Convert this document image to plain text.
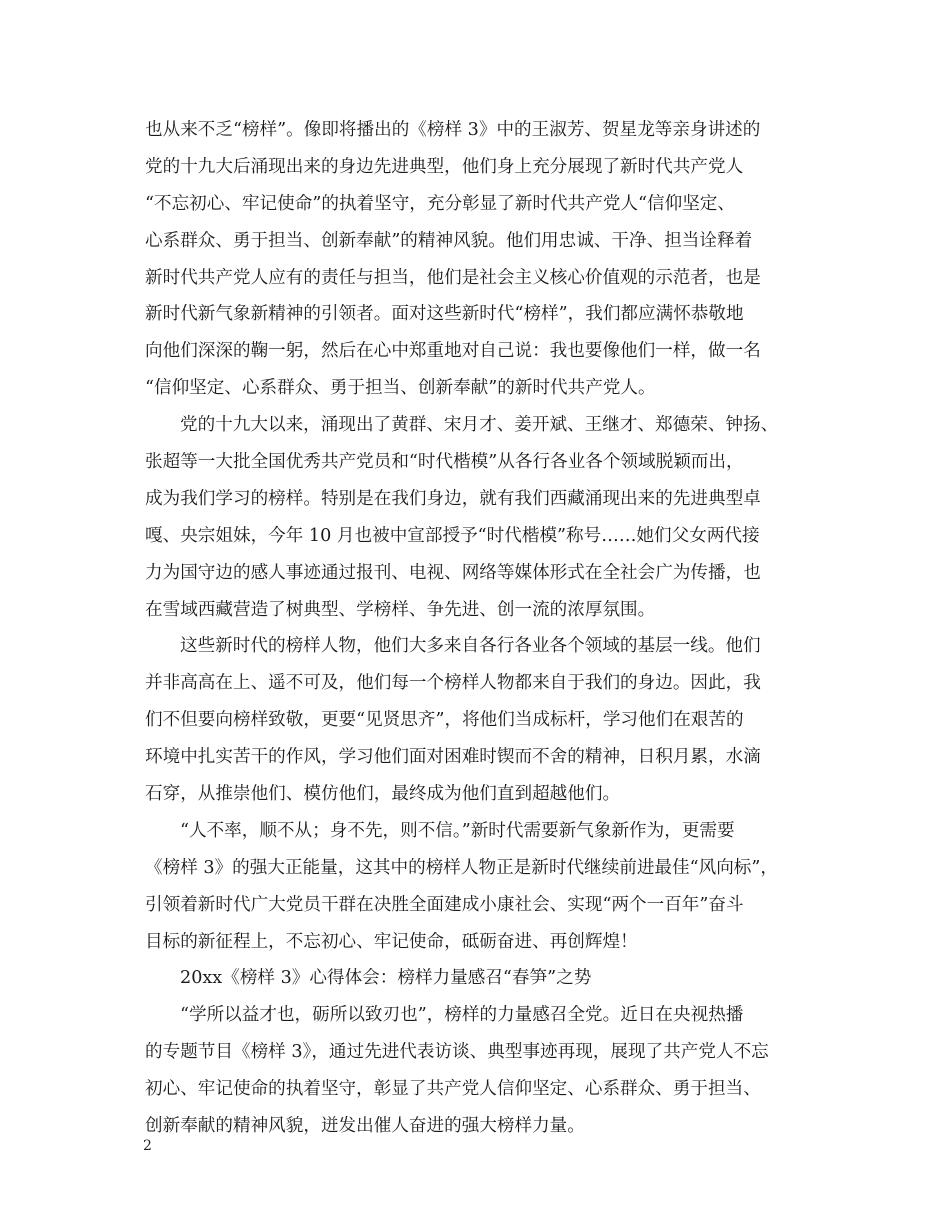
也从来不乏“榜样”。像即将播出的《榜样 3》中的王淑芳、贺星龙等亲身讲述的
党的十九大后涌现出来的身边先进典型，他们身上充分展现了新时代共产党人
“不忘初心、牢记使命”的执着坚守，充分彰显了新时代共产党人“信仰坚定、
心系群众、勇于担当、创新奉献”的精神风貌。他们用忠诚、干净、担当诠释着
新时代共产党人应有的责任与担当，他们是社会主义核心价值观的示范者，也是
新时代新气象新精神的引领者。面对这些新时代“榜样”，我们都应满怀恭敬地
向他们深深的鞠一躬，然后在心中郑重地对自己说：我也要像他们一样，做一名
“信仰坚定、心系群众、勇于担当、创新奉献”的新时代共产党人。
党的十九大以来，涌现出了黄群、宋月才、姜开斌、王继才、郑德荣、钟扬、
张超等一大批全国优秀共产党员和“时代楷模”从各行各业各个领域脱颖而出，
成为我们学习的榜样。特别是在我们身边，就有我们西藏涌现出来的先进典型卓
嘎、央宗姐妹，今年 10 月也被中宣部授予“时代楷模”称号……她们父女两代接
力为国守边的感人事迹通过报刊、电视、网络等媒体形式在全社会广为传播，也
在雪域西藏营造了树典型、学榜样、争先进、创一流的浓厚氛围。
这些新时代的榜样人物，他们大多来自各行各业各个领域的基层一线。他们
并非高高在上、遥不可及，他们每一个榜样人物都来自于我们的身边。因此，我
们不但要向榜样致敬，更要“见贤思齐”，将他们当成标杆，学习他们在艰苦的
环境中扎实苦干的作风，学习他们面对困难时锲而不舍的精神，日积月累，水滴
石穿，从推崇他们、模仿他们，最终成为他们直到超越他们。
“人不率，顺不从；身不先，则不信。”新时代需要新气象新作为，更需要
《榜样 3》的强大正能量，这其中的榜样人物正是新时代继续前进最佳“风向标”，
引领着新时代广大党员干群在决胜全面建成小康社会、实现“两个一百年”奋斗
目标的新征程上，不忘初心、牢记使命，砥砺奋进、再创辉煌！
20xx《榜样 3》心得体会：榜样力量感召“春笋”之势
“学所以益才也，砺所以致刃也”，榜样的力量感召全党。近日在央视热播
的专题节目《榜样 3》，通过先进代表访谈、典型事迹再现，展现了共产党人不忘
初心、牢记使命的执着坚守，彰显了共产党人信仰坚定、心系群众、勇于担当、
创新奉献的精神风貌，迸发出催人奋进的强大榜样力量。
2
